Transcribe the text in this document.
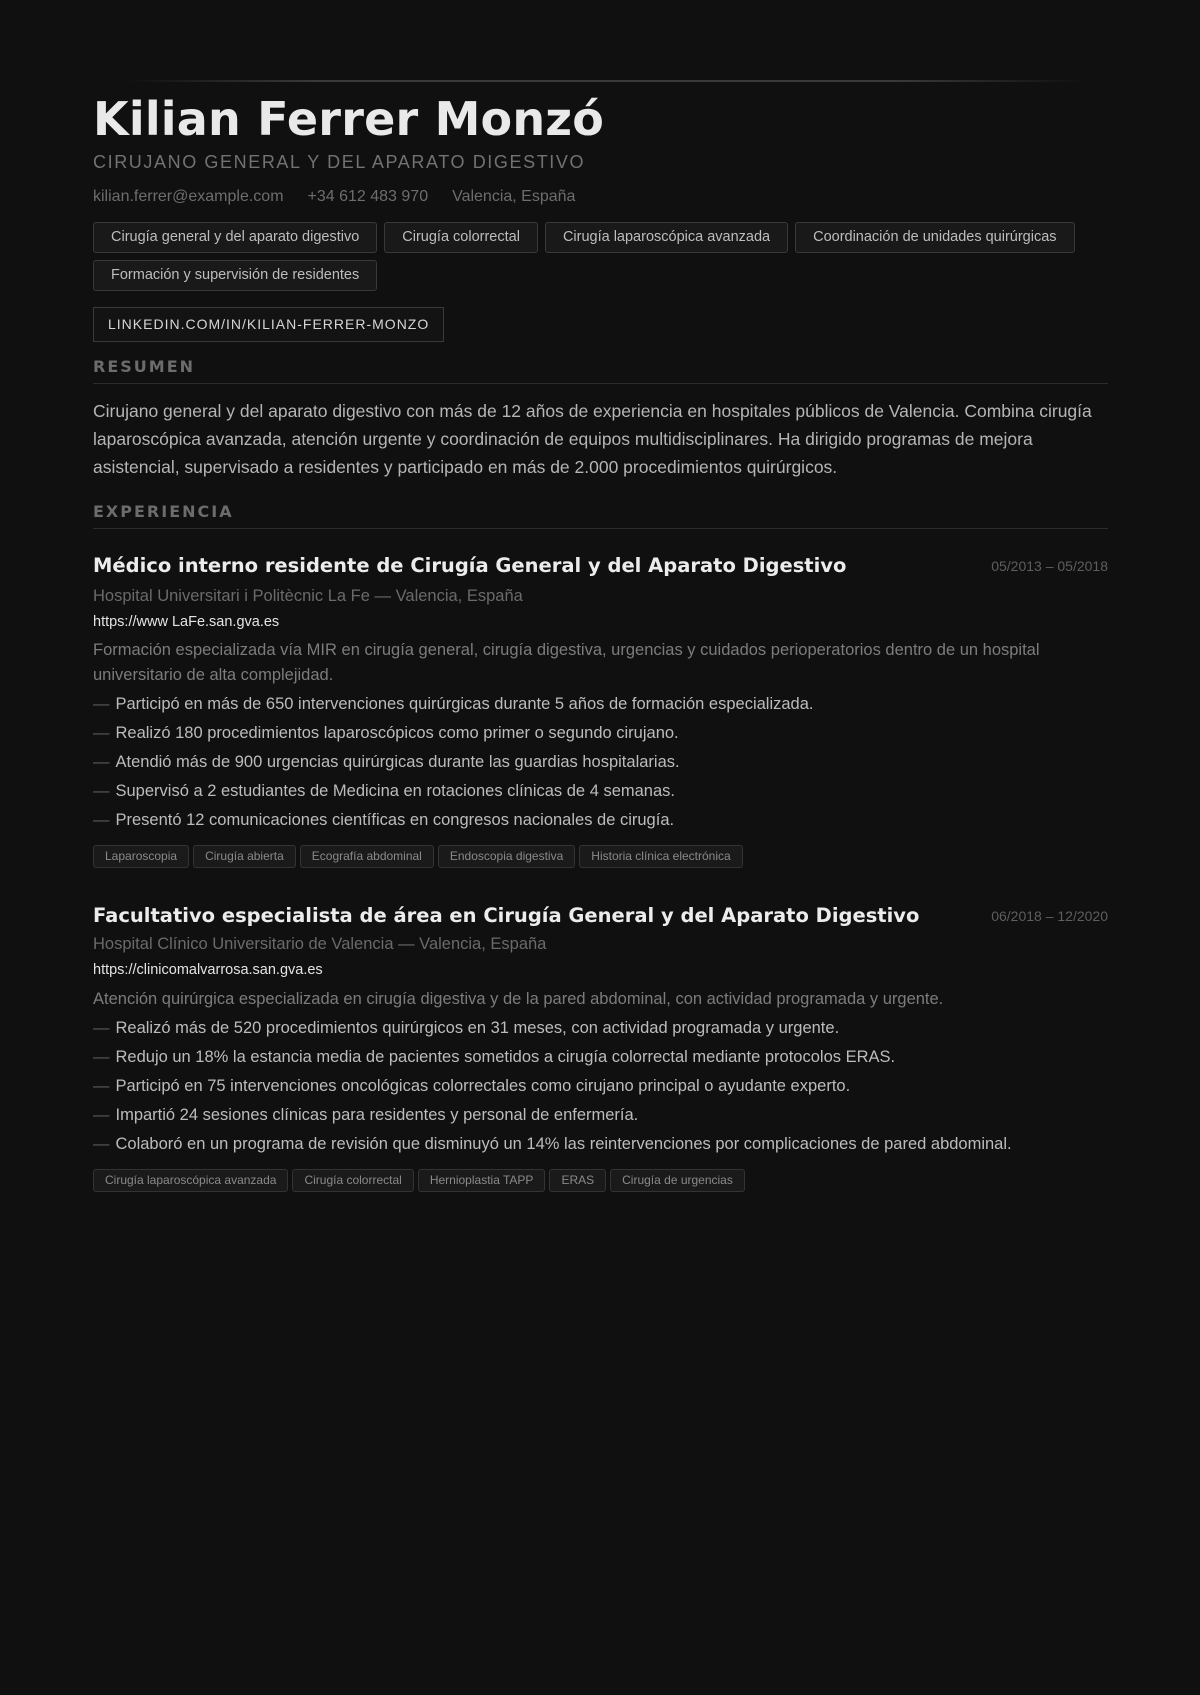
Kilian Ferrer Monzó
CIRUJANO GENERAL Y DEL APARATO DIGESTIVO
kilian.ferrer@example.com +34 612 483 970 Valencia, España
Cirugía general y del aparato digestivo	Cirugía colorrectal	Cirugía laparoscópica avanzada	Coordinación de unidades quirúrgicas
Formación y supervisión de residentes
LINKEDIN.COM/IN/KILIAN-FERRER-MONZO
RESUMEN

Cirujano general y del aparato digestivo con más de 12 años de experiencia en hospitales públicos de Valencia. Combina cirugía laparoscópica avanzada, atención urgente y coordinación de equipos multidisciplinares. Ha dirigido programas de mejora asistencial, supervisado a residentes y participado en más de 2.000 procedimientos quirúrgicos.

EXPERIENCIA
Médico interno residente de Cirugía General y del Aparato Digestivo	05/2013 – 05/2018
Hospital Universitari i Politècnic La Fe — Valencia, España
https://www LaFe.san.gva.es

Formación especializada vía MIR en cirugía general, cirugía digestiva, urgencias y cuidados perioperatorios dentro de un hospital universitario de alta complejidad.

— Participó en más de 650 intervenciones quirúrgicas durante 5 años de formación especializada.
— Realizó 180 procedimientos laparoscópicos como primer o segundo cirujano.
— Atendió más de 900 urgencias quirúrgicas durante las guardias hospitalarias.
— Supervisó a 2 estudiantes de Medicina en rotaciones clínicas de 4 semanas.
— Presentó 12 comunicaciones científicas en congresos nacionales de cirugía.
Laparoscopia	Cirugía abierta	Ecografía abdominal	Endoscopia digestiva	Historia clínica electrónica
Facultativo especialista de área en Cirugía General y del Aparato Digestivo	06/2018 – 12/2020
Hospital Clínico Universitario de Valencia — Valencia, España
https://clinicomalvarrosa.san.gva.es

Atención quirúrgica especializada en cirugía digestiva y de la pared abdominal, con actividad programada y urgente.

— Realizó más de 520 procedimientos quirúrgicos en 31 meses, con actividad programada y urgente.
— Redujo un 18% la estancia media de pacientes sometidos a cirugía colorrectal mediante protocolos ERAS.
— Participó en 75 intervenciones oncológicas colorrectales como cirujano principal o ayudante experto.
— Impartió 24 sesiones clínicas para residentes y personal de enfermería.
— Colaboró en un programa de revisión que disminuyó un 14% las reintervenciones por complicaciones de pared abdominal.
Cirugía laparoscópica avanzada	Cirugía colorrectal	Hernioplastia TAPP	ERAS	Cirugía de urgencias
